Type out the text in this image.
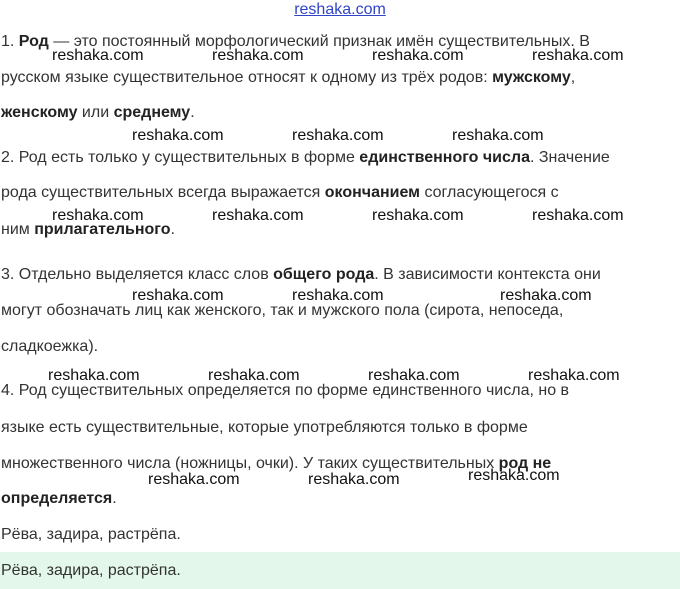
reshaka.com
1. Род — это постоянный морфологический признак имён существительных. В
русском языке существительное относят к одному из трёх родов: мужскому,
женскому или среднему.
2. Род есть только у существительных в форме единственного числа. Значение
рода существительных всегда выражается окончанием согласующегося с
ним прилагательного.
3. Отдельно выделяется класс слов общего рода. В зависимости контекста они
могут обозначать лиц как женского, так и мужского пола (сирота, непоседа,
сладкоежка).
4. Род существительных определяется по форме единственного числа, но в
языке есть существительные, которые употребляются только в форме
множественного числа (ножницы, очки). У таких существительных род не
определяется.
reshaka.com	reshaka.com	reshaka.com	reshaka.com
reshaka.com	reshaka.com	reshaka.com
reshaka.com	reshaka.com	reshaka.com	reshaka.com
reshaka.com	reshaka.com	reshaka.com
reshaka.com	reshaka.com	reshaka.com	reshaka.com
reshaka.com	reshaka.com	reshaka.com
Рёва, задира, растрёпа.
Рёва, задира, растрёпа.
